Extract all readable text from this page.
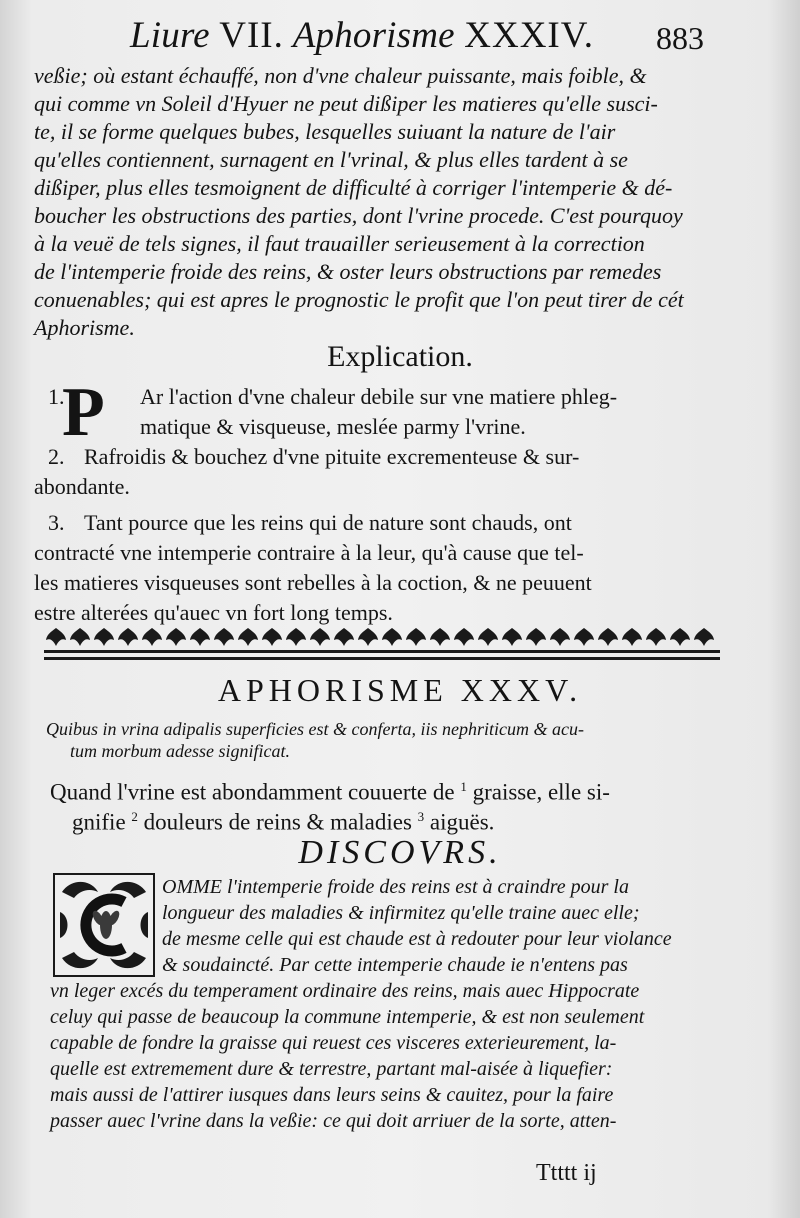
Liure VII. Aphorisme XXXIV.	883
veßie; où estant échauffé, non d'vne chaleur puissante, mais foible, &
qui comme vn Soleil d'Hyuer ne peut dißiper les matieres qu'elle susci-
te, il se forme quelques bubes, lesquelles suiuant la nature de l'air
qu'elles contiennent, surnagent en l'vrinal, & plus elles tardent à se
dißiper, plus elles tesmoignent de difficulté à corriger l'intemperie & dé-
boucher les obstructions des parties, dont l'vrine procede. C'est pourquoy
à la veuë de tels signes, il faut trauailler serieusement à la correction
de l'intemperie froide des reins, & oster leurs obstructions par remedes
conuenables; qui est apres le prognostic le profit que l'on peut tirer de cét
Aphorisme.
Explication.
P
1.	Ar l'action d'vne chaleur debile sur vne matiere phleg-
matique & visqueuse, meslée parmy l'vrine.
2. Rafroidis & bouchez d'vne pituite excrementeuse & sur-
abondante.
3. Tant pource que les reins qui de nature sont chauds, ont
contracté vne intemperie contraire à la leur, qu'à cause que tel-
les matieres visqueuses sont rebelles à la coction, & ne peuuent
estre alterées qu'auec vn fort long temps.
APHORISME XXXV.
Quibus in vrina adipalis superficies est & conferta, iis nephriticum & acu-
tum morbum adesse significat.
Quand l'vrine est abondamment couuerte de $^1$ graisse, elle si-
gnifie $^2$ douleurs de reins & maladies $^3$ aiguës.
DISCOVRS.
OMME l'intemperie froide des reins est à craindre pour la
longueur des maladies & infirmitez qu'elle traine auec elle;
de mesme celle qui est chaude est à redouter pour leur violance
& soudaincté. Par cette intemperie chaude ie n'entens pas
vn leger excés du temperament ordinaire des reins, mais auec Hippocrate
celuy qui passe de beaucoup la commune intemperie, & est non seulement
capable de fondre la graisse qui reuest ces visceres exterieurement, la-
quelle est extremement dure & terrestre, partant mal-aisée à liquefier:
mais aussi de l'attirer iusques dans leurs seins & cauitez, pour la faire
passer auec l'vrine dans la veßie: ce qui doit arriuer de la sorte, atten-
Ttttt ij
